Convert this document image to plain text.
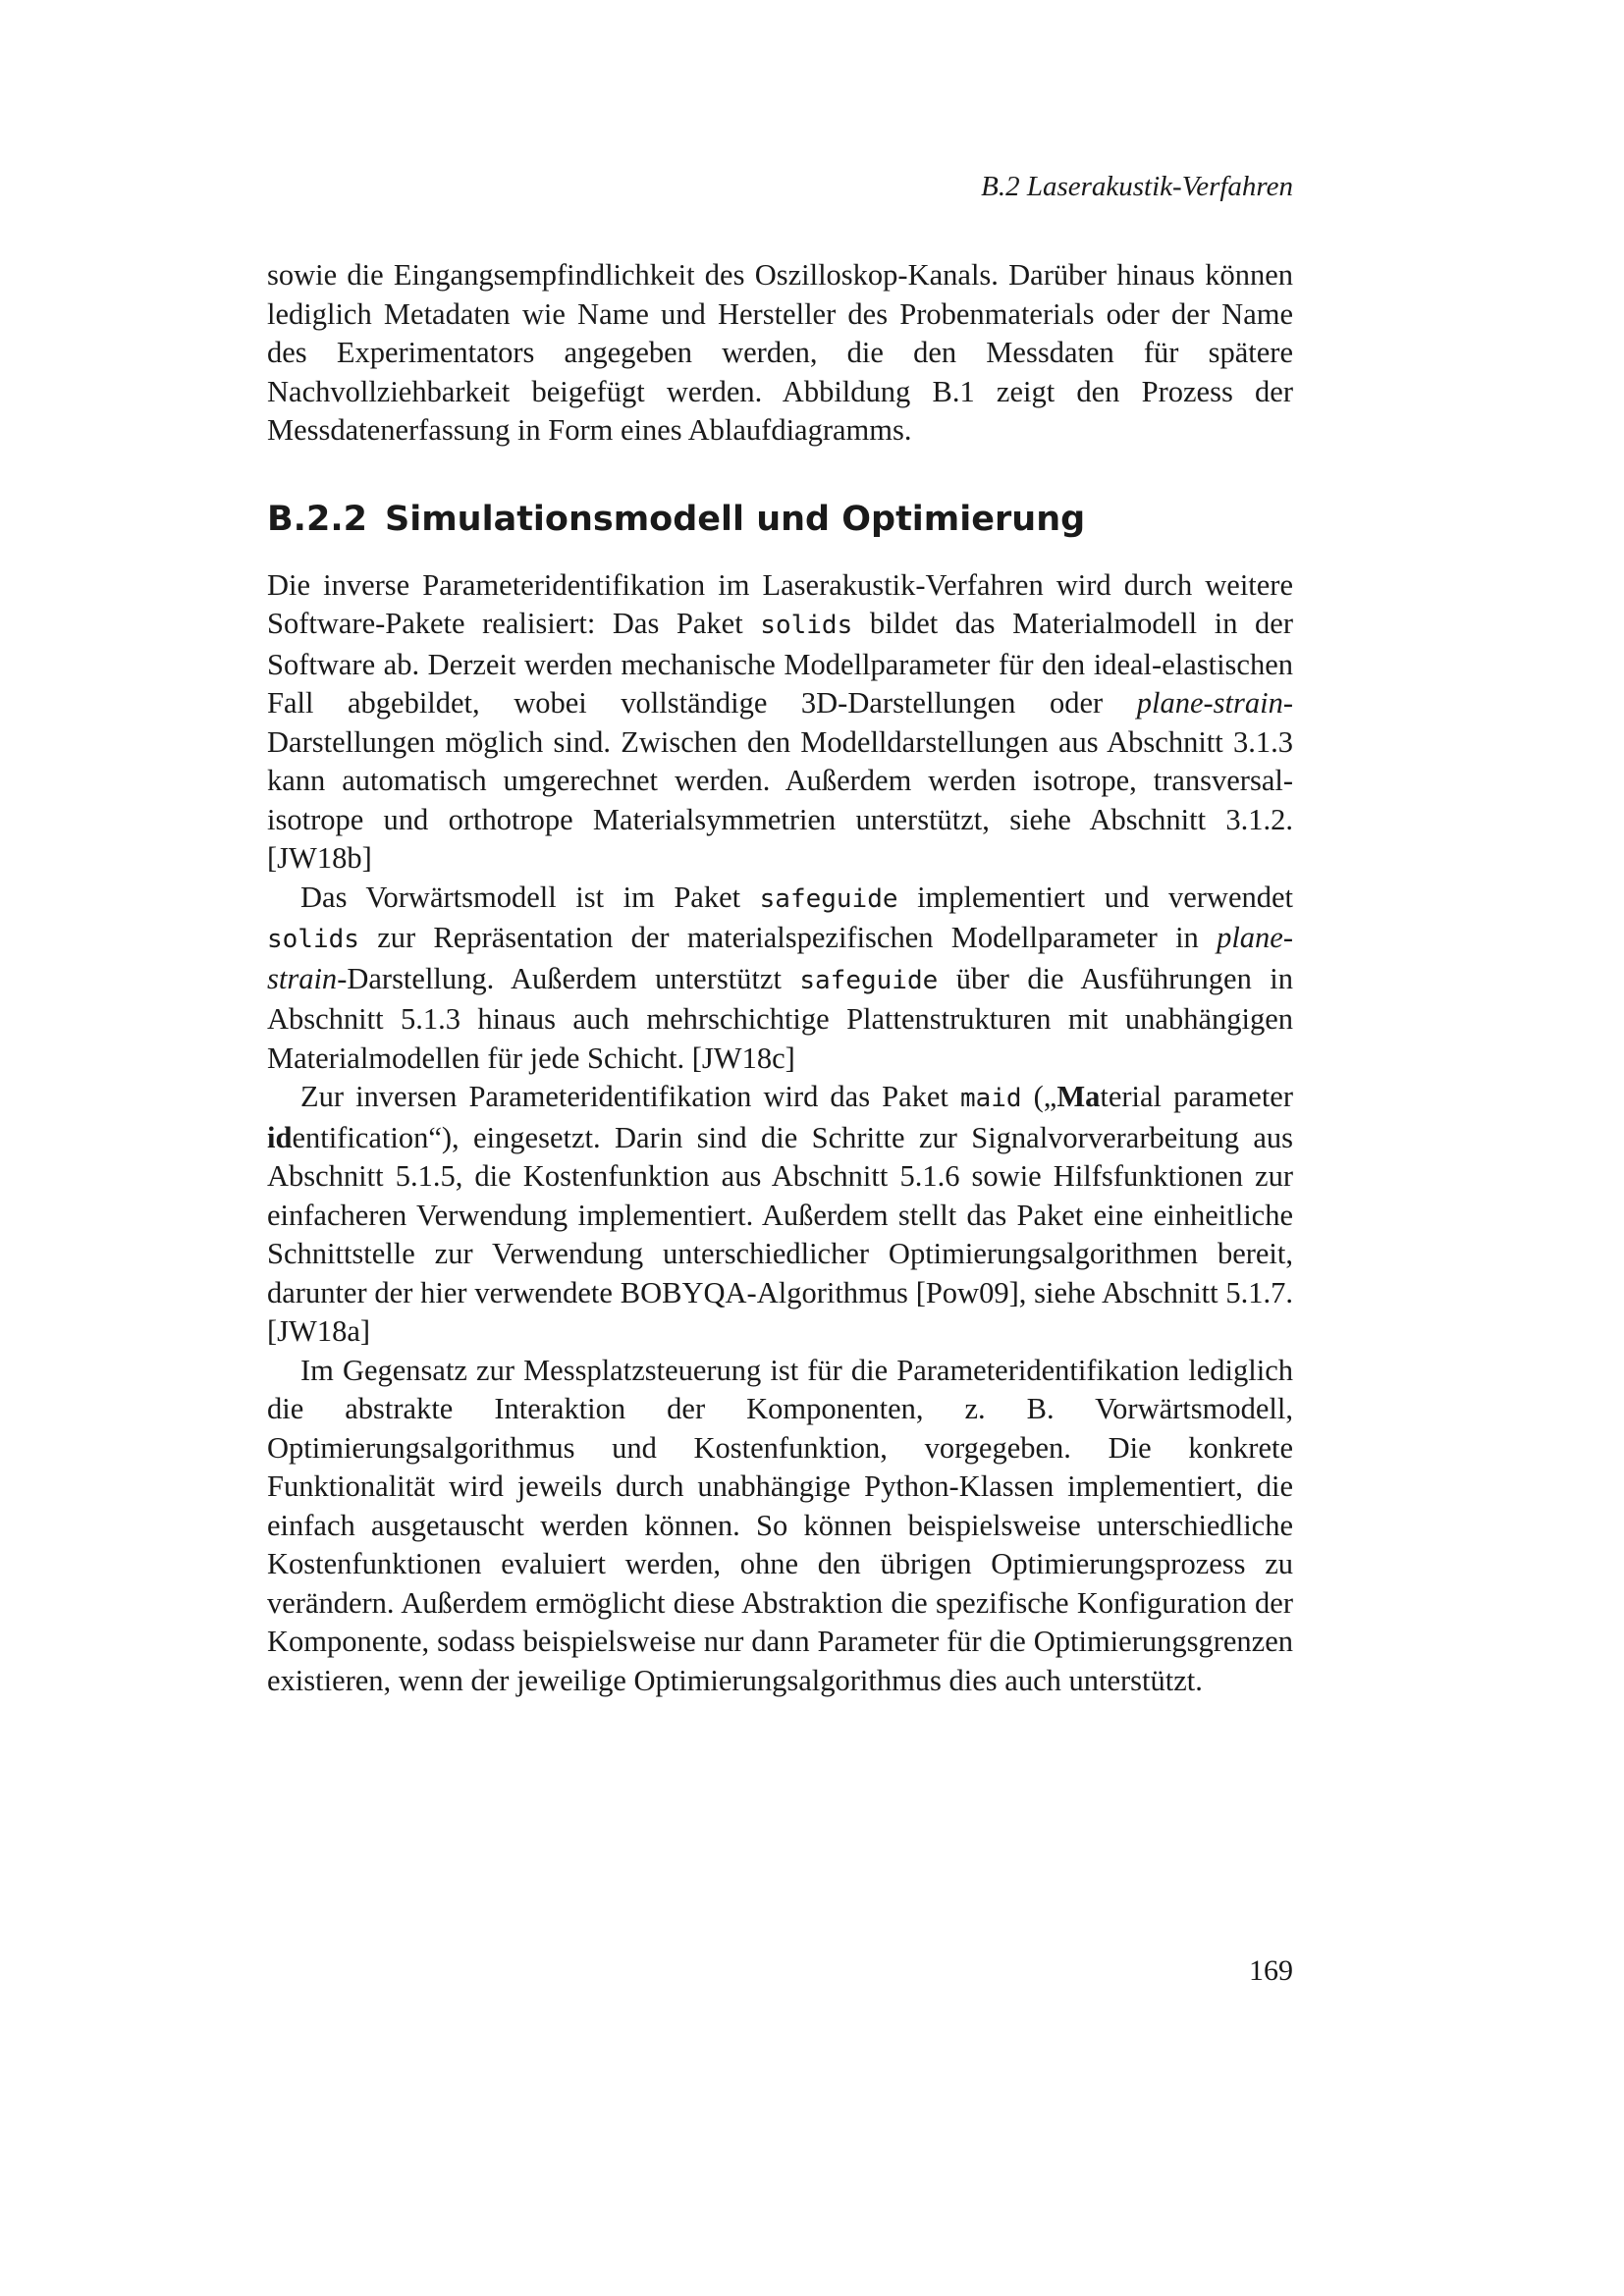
B.2 Laserakustik-Verfahren

sowie die Eingangsempfindlichkeit des Oszilloskop-Kanals. Darüber hinaus können lediglich Metadaten wie Name und Hersteller des Probenmaterials oder der Name des Experimentators angegeben werden, die den Messdaten für spätere Nachvollziehbarkeit beigefügt werden. Abbildung B.1 zeigt den Prozess der Messdatenerfassung in Form eines Ablaufdiagramms.

B.2.2 Simulationsmodell und Optimierung

Die inverse Parameteridentifikation im Laserakustik-Verfahren wird durch weitere Software-Pakete realisiert: Das Paket solids bildet das Materialmodell in der Software ab. Derzeit werden mechanische Modellparameter für den ideal-elastischen Fall abgebildet, wobei vollständige 3D-Darstellungen oder plane-strain-Darstellungen möglich sind. Zwischen den Modelldarstellungen aus Abschnitt 3.1.3 kann automatisch umgerechnet werden. Außerdem werden isotrope, transversal-isotrope und orthotrope Materialsymmetrien unterstützt, siehe Abschnitt 3.1.2. [JW18b]

Das Vorwärtsmodell ist im Paket safeguide implementiert und verwendet solids zur Repräsentation der materialspezifischen Modellparameter in plane-strain-Darstellung. Außerdem unterstützt safeguide über die Ausführungen in Abschnitt 5.1.3 hinaus auch mehrschichtige Plattenstrukturen mit unabhängigen Materialmodellen für jede Schicht. [JW18c]

Zur inversen Parameteridentifikation wird das Paket maid („Material parameter identification“), eingesetzt. Darin sind die Schritte zur Signalvorverarbeitung aus Abschnitt 5.1.5, die Kostenfunktion aus Abschnitt 5.1.6 sowie Hilfsfunktionen zur einfacheren Verwendung implementiert. Außerdem stellt das Paket eine einheitliche Schnittstelle zur Verwendung unterschiedlicher Optimierungsalgorithmen bereit, darunter der hier verwendete BOBYQA-Algorithmus [Pow09], siehe Abschnitt 5.1.7. [JW18a]

Im Gegensatz zur Messplatzsteuerung ist für die Parameteridentifikation lediglich die abstrakte Interaktion der Komponenten, z. B. Vorwärtsmodell, Optimierungsalgorithmus und Kostenfunktion, vorgegeben. Die konkrete Funktionalität wird jeweils durch unabhängige Python-Klassen implementiert, die einfach ausgetauscht werden können. So können beispielsweise unterschiedliche Kostenfunktionen evaluiert werden, ohne den übrigen Optimierungsprozess zu verändern. Außerdem ermöglicht diese Abstraktion die spezifische Konfiguration der Komponente, sodass beispielsweise nur dann Parameter für die Optimierungsgrenzen existieren, wenn der jeweilige Optimierungsalgorithmus dies auch unterstützt.

169
